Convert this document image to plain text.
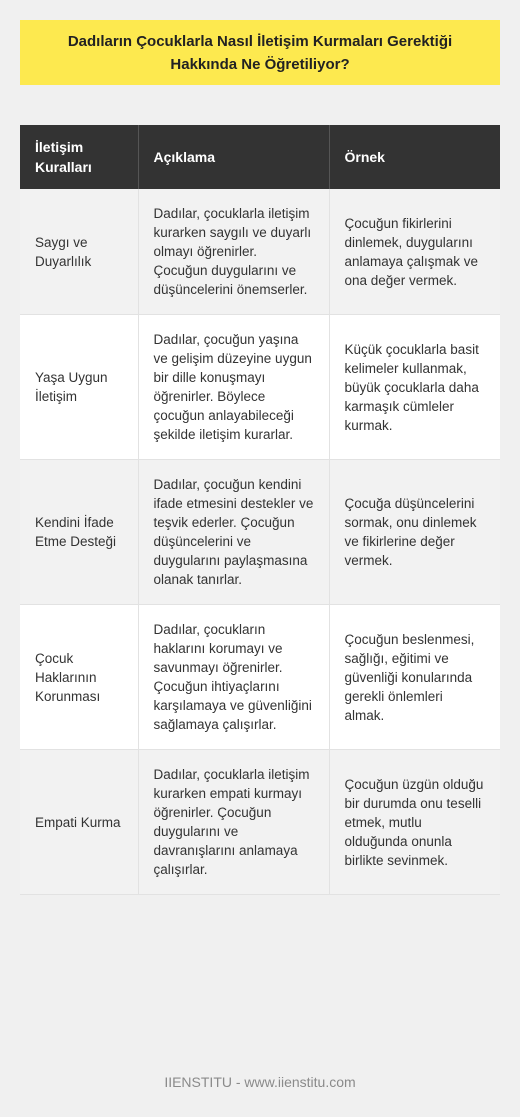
Dadıların Çocuklarla Nasıl İletişim Kurmaları Gerektiği Hakkında Ne Öğretiliyor?
İletişim Kuralları	Açıklama	Örnek
Saygı ve Duyarlılık	Dadılar, çocuklarla iletişim kurarken saygılı ve duyarlı olmayı öğrenirler. Çocuğun duygularını ve düşüncelerini önemserler.	Çocuğun fikirlerini dinlemek, duygularını anlamaya çalışmak ve ona değer vermek.
Yaşa Uygun İletişim	Dadılar, çocuğun yaşına ve gelişim düzeyine uygun bir dille konuşmayı öğrenirler. Böylece çocuğun anlayabileceği şekilde iletişim kurarlar.	Küçük çocuklarla basit kelimeler kullanmak, büyük çocuklarla daha karmaşık cümleler kurmak.
Kendini İfade Etme Desteği	Dadılar, çocuğun kendini ifade etmesini destekler ve teşvik ederler. Çocuğun düşüncelerini ve duygularını paylaşmasına olanak tanırlar.	Çocuğa düşüncelerini sormak, onu dinlemek ve fikirlerine değer vermek.
Çocuk Haklarının Korunması	Dadılar, çocukların haklarını korumayı ve savunmayı öğrenirler. Çocuğun ihtiyaçlarını karşılamaya ve güvenliğini sağlamaya çalışırlar.	Çocuğun beslenmesi, sağlığı, eğitimi ve güvenliği konularında gerekli önlemleri almak.
Empati Kurma	Dadılar, çocuklarla iletişim kurarken empati kurmayı öğrenirler. Çocuğun duygularını ve davranışlarını anlamaya çalışırlar.	Çocuğun üzgün olduğu bir durumda onu teselli etmek, mutlu olduğunda onunla birlikte sevinmek.
IIENSTITU - www.iienstitu.com
